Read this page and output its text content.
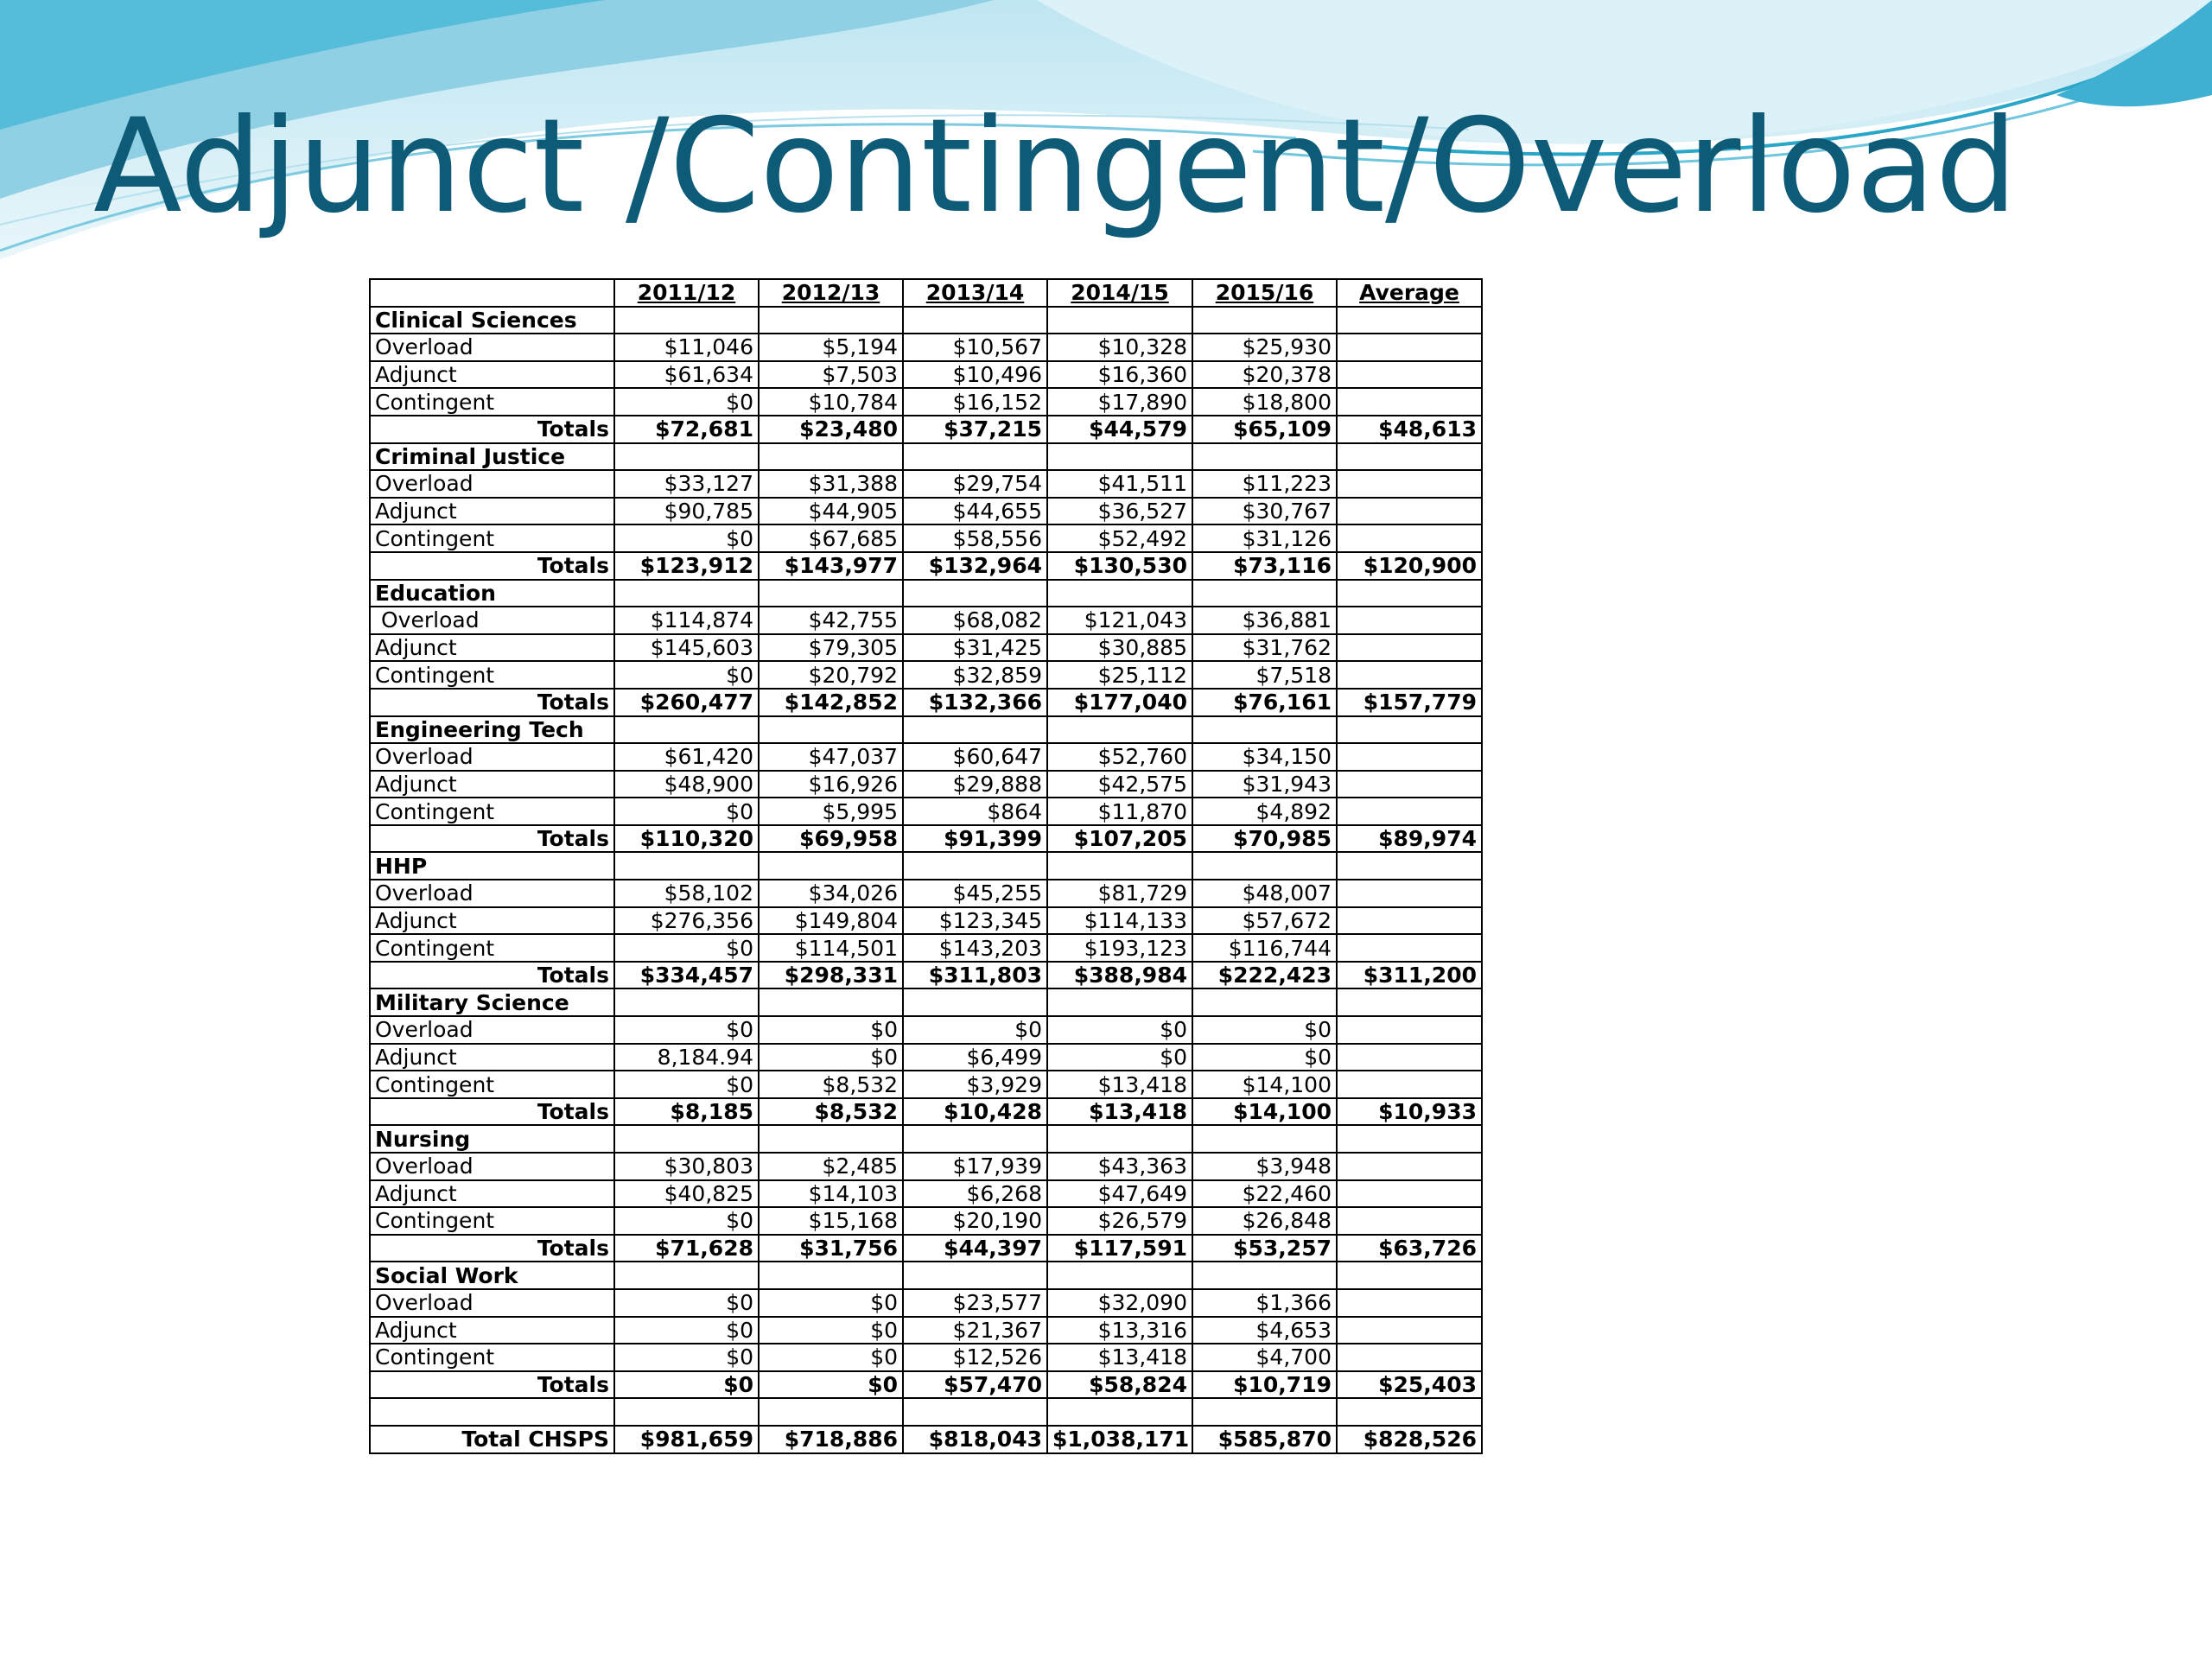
Adjunct /Contingent/Overload
	2011/12	2012/13	2013/14	2014/15	2015/16	Average
Clinical Sciences						
Overload	$11,046	$5,194	$10,567	$10,328	$25,930	
Adjunct	$61,634	$7,503	$10,496	$16,360	$20,378	
Contingent	$0	$10,784	$16,152	$17,890	$18,800	
Totals	$72,681	$23,480	$37,215	$44,579	$65,109	$48,613
Criminal Justice						
Overload	$33,127	$31,388	$29,754	$41,511	$11,223	
Adjunct	$90,785	$44,905	$44,655	$36,527	$30,767	
Contingent	$0	$67,685	$58,556	$52,492	$31,126	
Totals	$123,912	$143,977	$132,964	$130,530	$73,116	$120,900
Education						
Overload	$114,874	$42,755	$68,082	$121,043	$36,881	
Adjunct	$145,603	$79,305	$31,425	$30,885	$31,762	
Contingent	$0	$20,792	$32,859	$25,112	$7,518	
Totals	$260,477	$142,852	$132,366	$177,040	$76,161	$157,779
Engineering Tech						
Overload	$61,420	$47,037	$60,647	$52,760	$34,150	
Adjunct	$48,900	$16,926	$29,888	$42,575	$31,943	
Contingent	$0	$5,995	$864	$11,870	$4,892	
Totals	$110,320	$69,958	$91,399	$107,205	$70,985	$89,974
HHP						
Overload	$58,102	$34,026	$45,255	$81,729	$48,007	
Adjunct	$276,356	$149,804	$123,345	$114,133	$57,672	
Contingent	$0	$114,501	$143,203	$193,123	$116,744	
Totals	$334,457	$298,331	$311,803	$388,984	$222,423	$311,200
Military Science						
Overload	$0	$0	$0	$0	$0	
Adjunct	8,184.94	$0	$6,499	$0	$0	
Contingent	$0	$8,532	$3,929	$13,418	$14,100	
Totals	$8,185	$8,532	$10,428	$13,418	$14,100	$10,933
Nursing						
Overload	$30,803	$2,485	$17,939	$43,363	$3,948	
Adjunct	$40,825	$14,103	$6,268	$47,649	$22,460	
Contingent	$0	$15,168	$20,190	$26,579	$26,848	
Totals	$71,628	$31,756	$44,397	$117,591	$53,257	$63,726
Social Work						
Overload	$0	$0	$23,577	$32,090	$1,366	
Adjunct	$0	$0	$21,367	$13,316	$4,653	
Contingent	$0	$0	$12,526	$13,418	$4,700	
Totals	$0	$0	$57,470	$58,824	$10,719	$25,403

Total CHSPS	$981,659	$718,886	$818,043	$1,038,171	$585,870	$828,526
